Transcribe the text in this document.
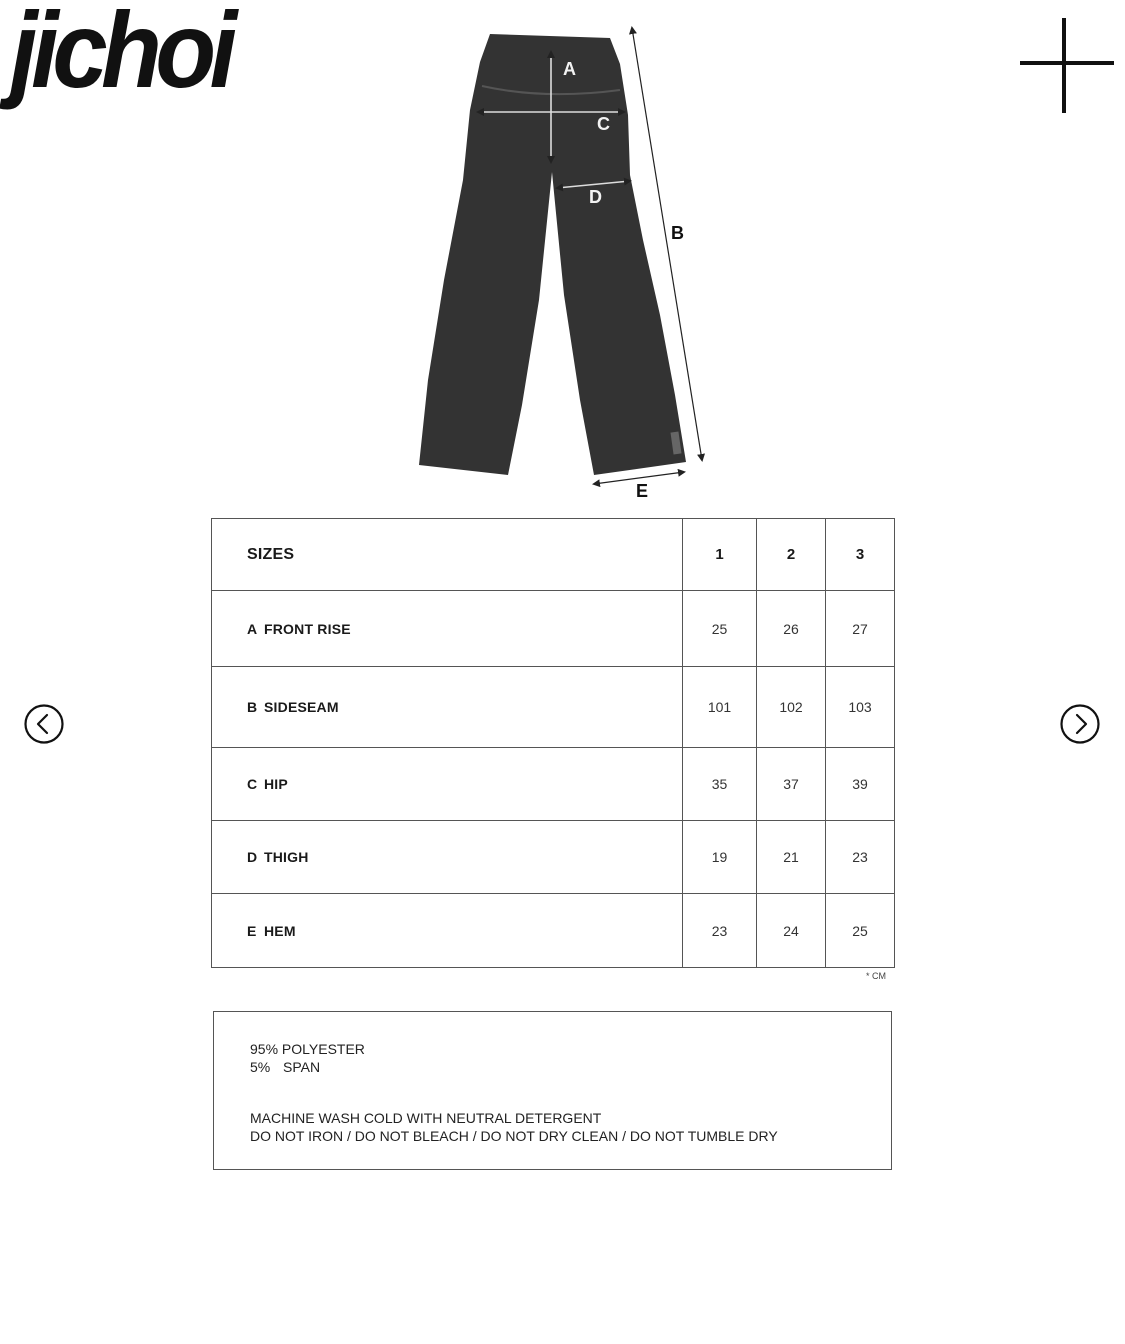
jichoi	A
C
D
B
E
SIZES	1	2	3
A FRONT RISE	25	26	27
B SIDESEAM	101	102	103
C HIP	35	37	39
D THIGH	19	21	23
E HEM	23	24	25
* CM
95% POLYESTER
5% SPAN
MACHINE WASH COLD WITH NEUTRAL DETERGENT
DO NOT IRON / DO NOT BLEACH / DO NOT DRY CLEAN / DO NOT TUMBLE DRY
